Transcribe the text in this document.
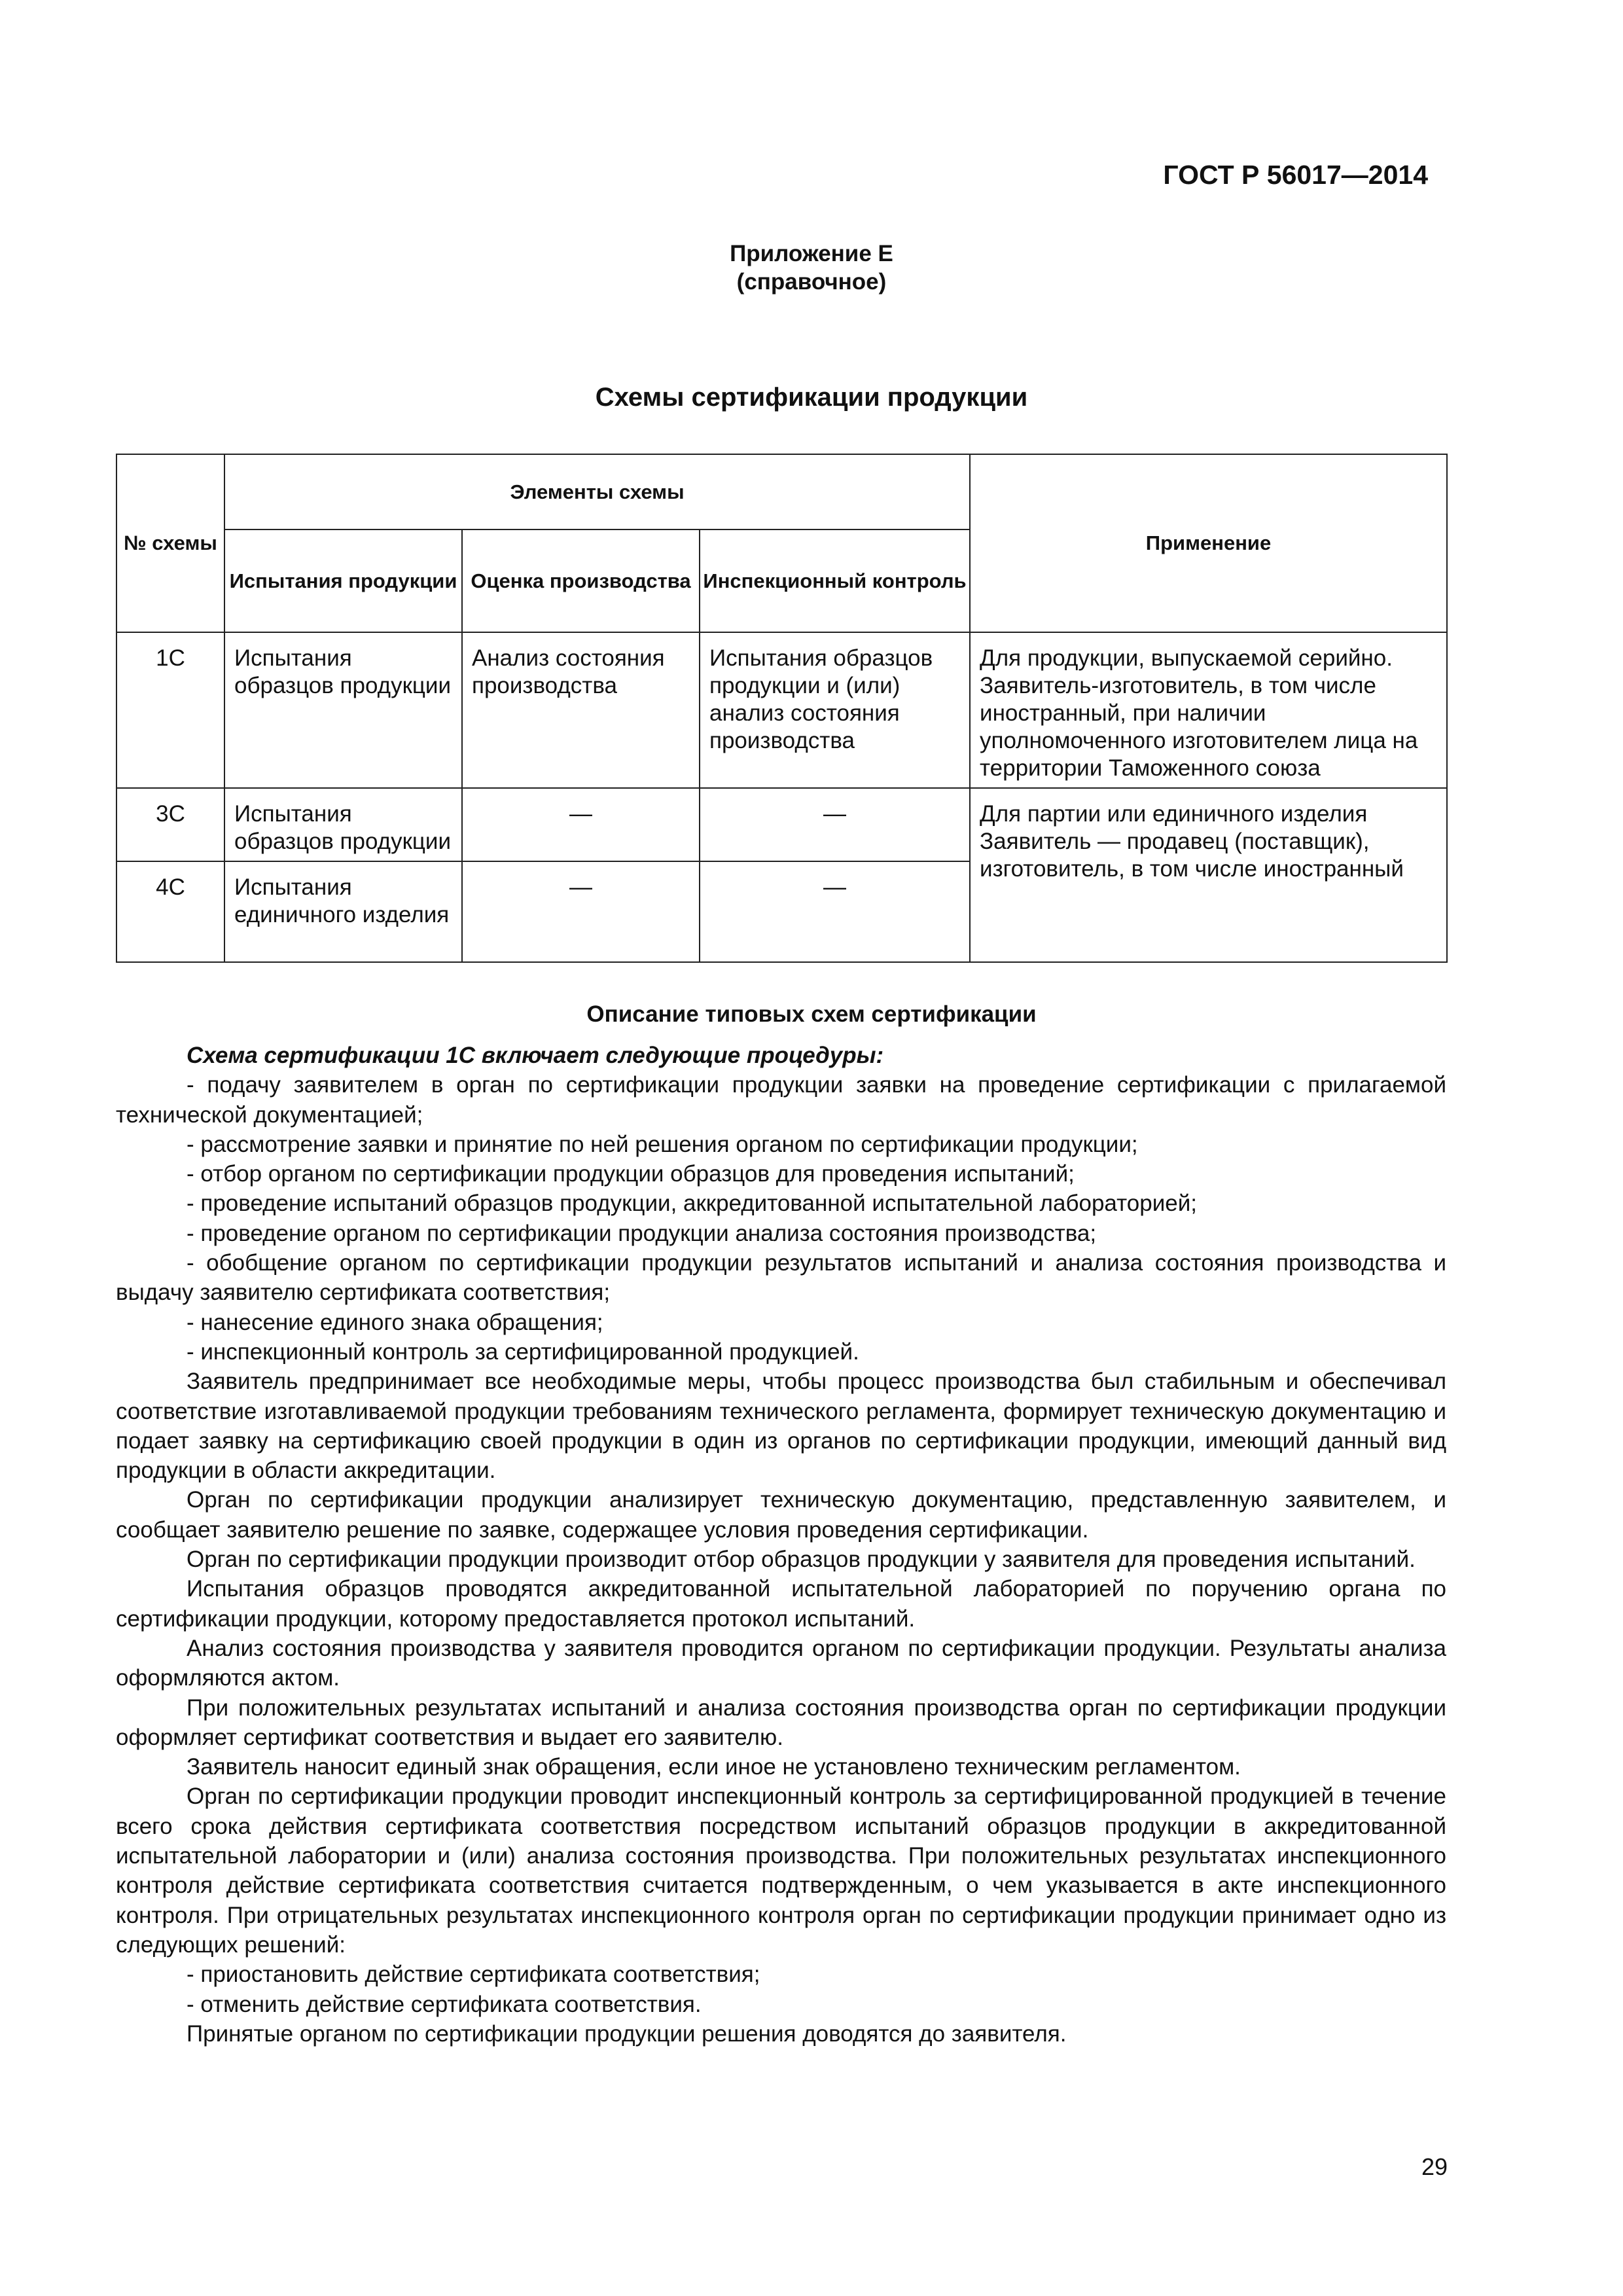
ГОСТ Р 56017—2014
Приложение Е
(справочное)
Схемы сертификации продукции
№ схемы	Элементы схемы			Применение
	Испытания продукции	Оценка производства	Инспекционный контроль	
1С	Испытания образцов продукции	Анализ состояния производства	Испытания образцов продукции и (или) анализ состояния производства	Для продукции, выпускаемой серийно. Заявитель-изготовитель, в том числе иностранный, при наличии уполномоченного изготовителем лица на территории Таможенного союза
3С	Испытания образцов продукции	—	—	Для партии или единичного изделия Заявитель — продавец (поставщик), изготовитель, в том числе иностранный
4С	Испытания единичного изделия	—	—	
Описание типовых схем сертификации

Схема сертификации 1С включает следующие процедуры:

- подачу заявителем в орган по сертификации продукции заявки на проведение сертификации с прилагаемой технической документацией;

- рассмотрение заявки и принятие по ней решения органом по сертификации продукции;

- отбор органом по сертификации продукции образцов для проведения испытаний;

- проведение испытаний образцов продукции, аккредитованной испытательной лабораторией;

- проведение органом по сертификации продукции анализа состояния производства;

- обобщение органом по сертификации продукции результатов испытаний и анализа состояния производства и выдачу заявителю сертификата соответствия;

- нанесение единого знака обращения;

- инспекционный контроль за сертифицированной продукцией.

Заявитель предпринимает все необходимые меры, чтобы процесс производства был стабильным и обеспечивал соответствие изготавливаемой продукции требованиям технического регламента, формирует техническую документацию и подает заявку на сертификацию своей продукции в один из органов по сертификации продукции, имеющий данный вид продукции в области аккредитации.

Орган по сертификации продукции анализирует техническую документацию, представленную заявителем, и сообщает заявителю решение по заявке, содержащее условия проведения сертификации.

Орган по сертификации продукции производит отбор образцов продукции у заявителя для проведения испытаний.

Испытания образцов проводятся аккредитованной испытательной лабораторией по поручению органа по сертификации продукции, которому предоставляется протокол испытаний.

Анализ состояния производства у заявителя проводится органом по сертификации продукции. Результаты анализа оформляются актом.

При положительных результатах испытаний и анализа состояния производства орган по сертификации продукции оформляет сертификат соответствия и выдает его заявителю.

Заявитель наносит единый знак обращения, если иное не установлено техническим регламентом.

Орган по сертификации продукции проводит инспекционный контроль за сертифицированной продукцией в течение всего срока действия сертификата соответствия посредством испытаний образцов продукции в аккредитованной испытательной лаборатории и (или) анализа состояния производства. При положительных результатах инспекционного контроля действие сертификата соответствия считается подтвержденным, о чем указывается в акте инспекционного контроля. При отрицательных результатах инспекционного контроля орган по сертификации продукции принимает одно из следующих решений:

- приостановить действие сертификата соответствия;

- отменить действие сертификата соответствия.

Принятые органом по сертификации продукции решения доводятся до заявителя.

29
